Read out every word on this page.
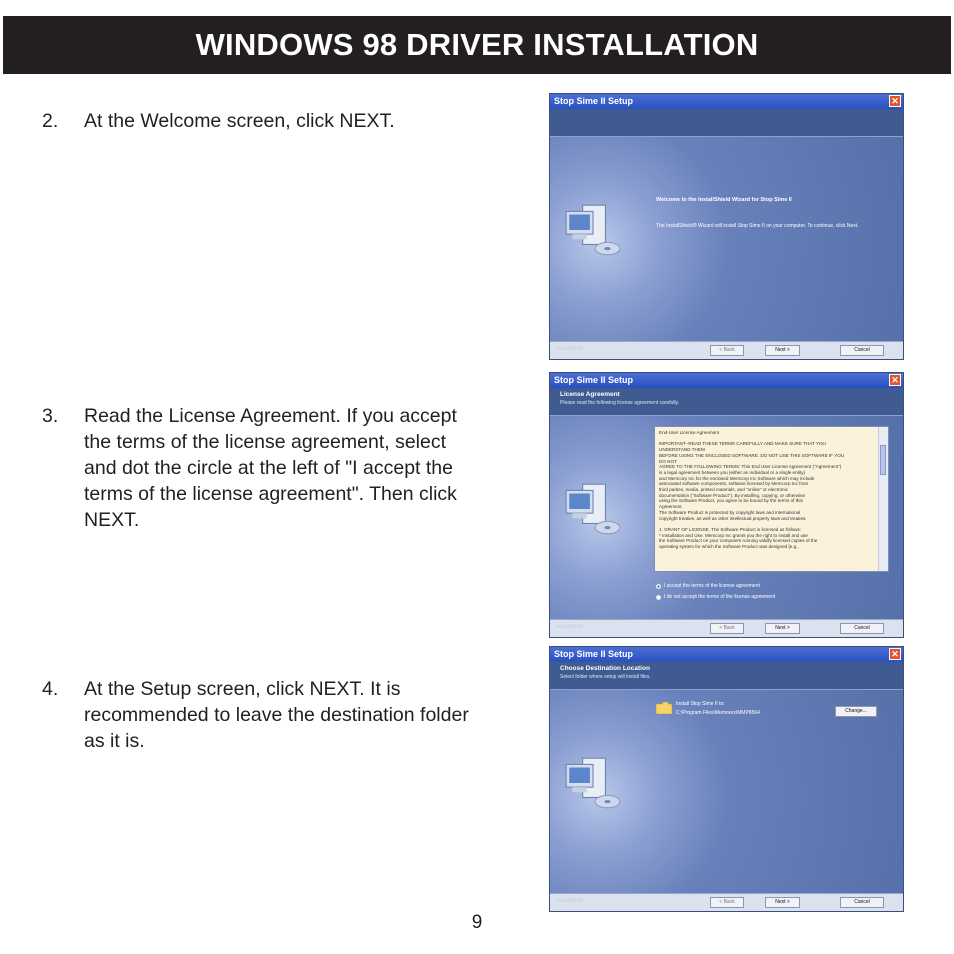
WINDOWS 98 DRIVER INSTALLATION
2. At the Welcome screen, click NEXT.
3. Read the License Agreement. If you accept
the terms of the license agreement, select
and dot the circle at the left of "I accept the
terms of the license agreement". Then click
NEXT.
4. At the Setup screen, click NEXT. It is
recommended to leave the destination folder
as it is.
Stop Sime II Setup	✕
Welcome to the InstallShield Wizard for Stop Sime II
The InstallShield® Wizard will install Stop Sime II on your computer. To continue, click Next.
InstallShield	< Back	Next >	Cancel
Stop Sime II Setup	✕
License Agreement
Please read the following license agreement carefully.
End-User License Agreement

IMPORTANT--READ THESE TERMS CAREFULLY AND MAKE SURE THAT YOU
UNDERSTAND THEM
BEFORE USING THE ENCLOSED SOFTWARE. DO NOT USE THIS SOFTWARE IF YOU
DO NOT
AGREE TO THE FOLLOWING TERMS: This End User License Agreement ("Agreement")
is a legal agreement between you (either an individual or a single entity)
and Memcorp Inc for the enclosed Memcorp Inc Software which may include
associated software components, software licensed by Memcorp Inc from
third parties, media, printed materials, and "online" or electronic
documentation ("Software Product"). By installing, copying, or otherwise
using the Software Product, you agree to be bound by the terms of this
Agreement.
The Software Product is protected by copyright laws and international
copyright treaties, as well as other intellectual property laws and treaties.

1. GRANT OF LICENSE. The Software Product is licensed as follows:
* Installation and Use. Memcorp Inc grants you the right to install and use
the Software Product on your computers running validly licensed copies of the
operating system for which the Software Product was designed [e.g.,
I accept the terms of the license agreement
I do not accept the terms of the license agreement
InstallShield	< Back	Next >	Cancel
Stop Sime II Setup	✕
Choose Destination Location
Select folder where setup will install files.
Install Stop Sime II to:
C:\Program Files\Memorex\MMP8564	Change...
InstallShield	< Back	Next >	Cancel
9
